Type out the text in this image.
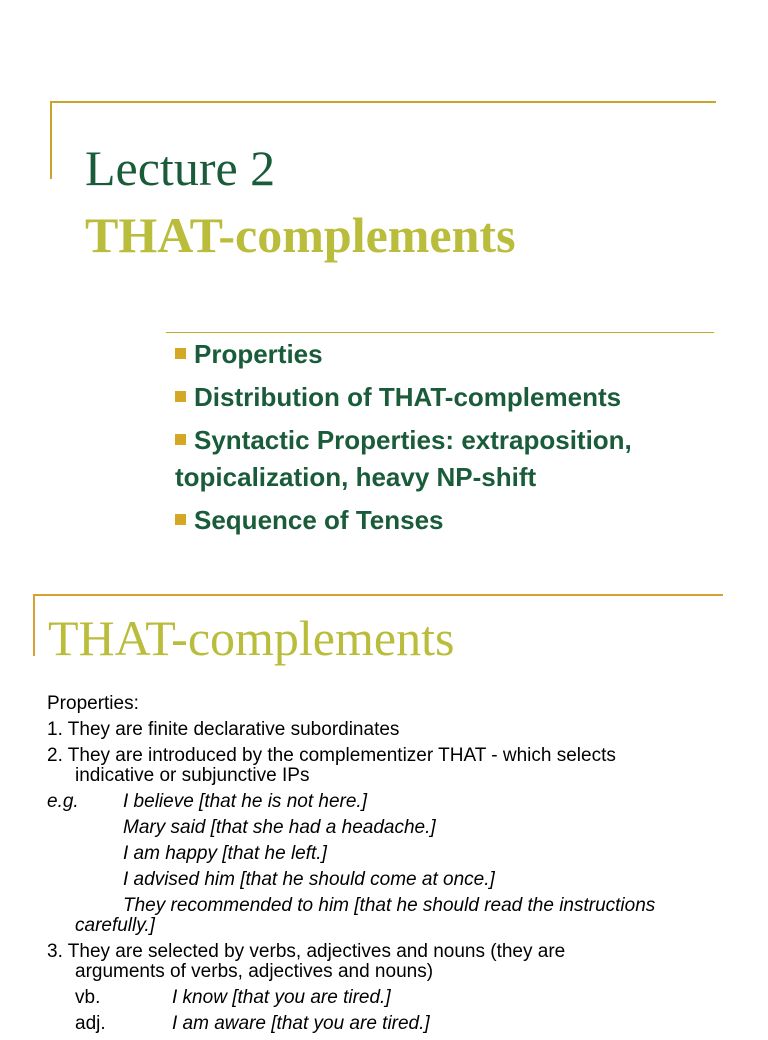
Lecture 2
THAT-complements
Properties
Distribution of THAT-complements
Syntactic Properties: extraposition, topicalization, heavy NP-shift
Sequence of Tenses
THAT-complements
Properties:
1. They are finite declarative subordinates
2. They are introduced by the complementizer THAT - which selects
indicative or subjunctive IPs
e.g. I believe [that he is not here.]
Mary said [that she had a headache.]
I am happy [that he left.]
I advised him [that he should come at once.]
They recommended to him [that he should read the instructions
carefully.]
3. They are selected by verbs, adjectives and nouns (they are
arguments of verbs, adjectives and nouns)
vb.	I know [that you are tired.]
adj.	I am aware [that you are tired.]
